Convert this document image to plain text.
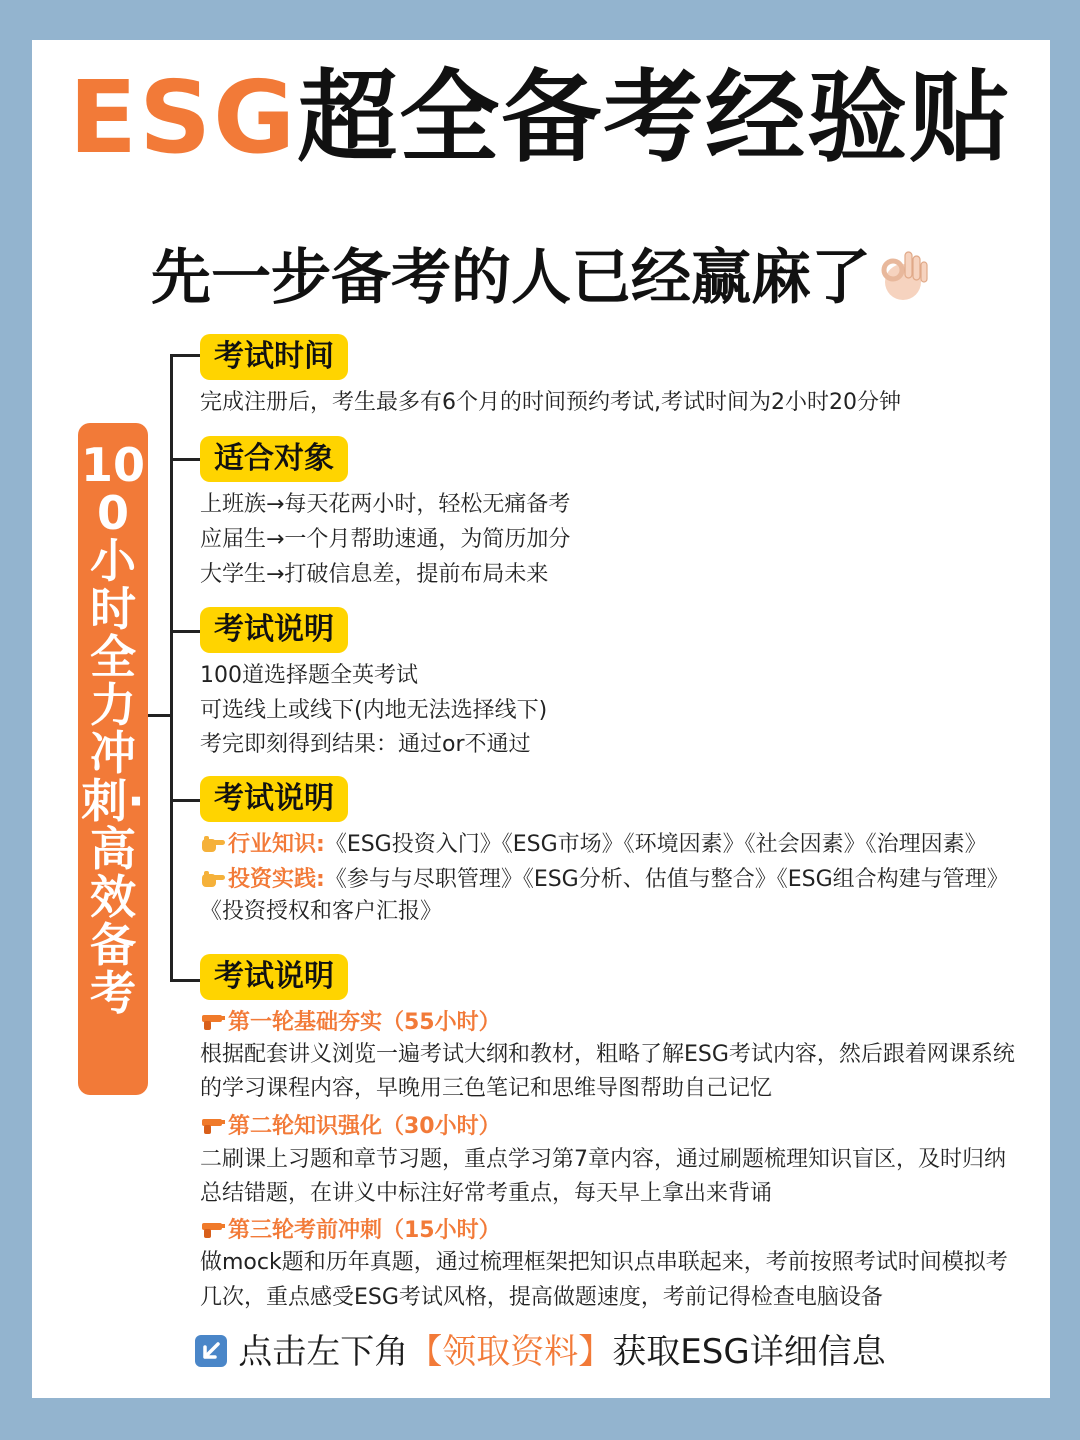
ESG超全备考经验贴
先一步备考的人已经赢麻了
100小时全力冲刺·高效备考
考试时间
完成注册后，考生最多有6个月的时间预约考试,考试时间为2小时20分钟
适合对象
上班族→每天花两小时，轻松无痛备考
应届生→一个月帮助速通，为简历加分
大学生→打破信息差，提前布局未来
考试说明
100道选择题全英考试
可选线上或线下(内地无法选择线下)
考完即刻得到结果：通过or不通过
考试说明
行业知识:《ESG投资入门》《ESG市场》《环境因素》《社会因素》《治理因素》
投资实践:《参与与尽职管理》《ESG分析、估值与整合》《ESG组合构建与管理》
《投资授权和客户汇报》
考试说明
第一轮基础夯实（55小时）
根据配套讲义浏览一遍考试大纲和教材，粗略了解ESG考试内容，然后跟着网课系统
的学习课程内容，早晚用三色笔记和思维导图帮助自己记忆
第二轮知识强化（30小时）
二刷课上习题和章节习题，重点学习第7章内容，通过刷题梳理知识盲区，及时归纳
总结错题，在讲义中标注好常考重点，每天早上拿出来背诵
第三轮考前冲刺（15小时）
做mock题和历年真题，通过梳理框架把知识点串联起来，考前按照考试时间模拟考
几次，重点感受ESG考试风格，提高做题速度，考前记得检查电脑设备
点击左下角【领取资料】获取ESG详细信息
